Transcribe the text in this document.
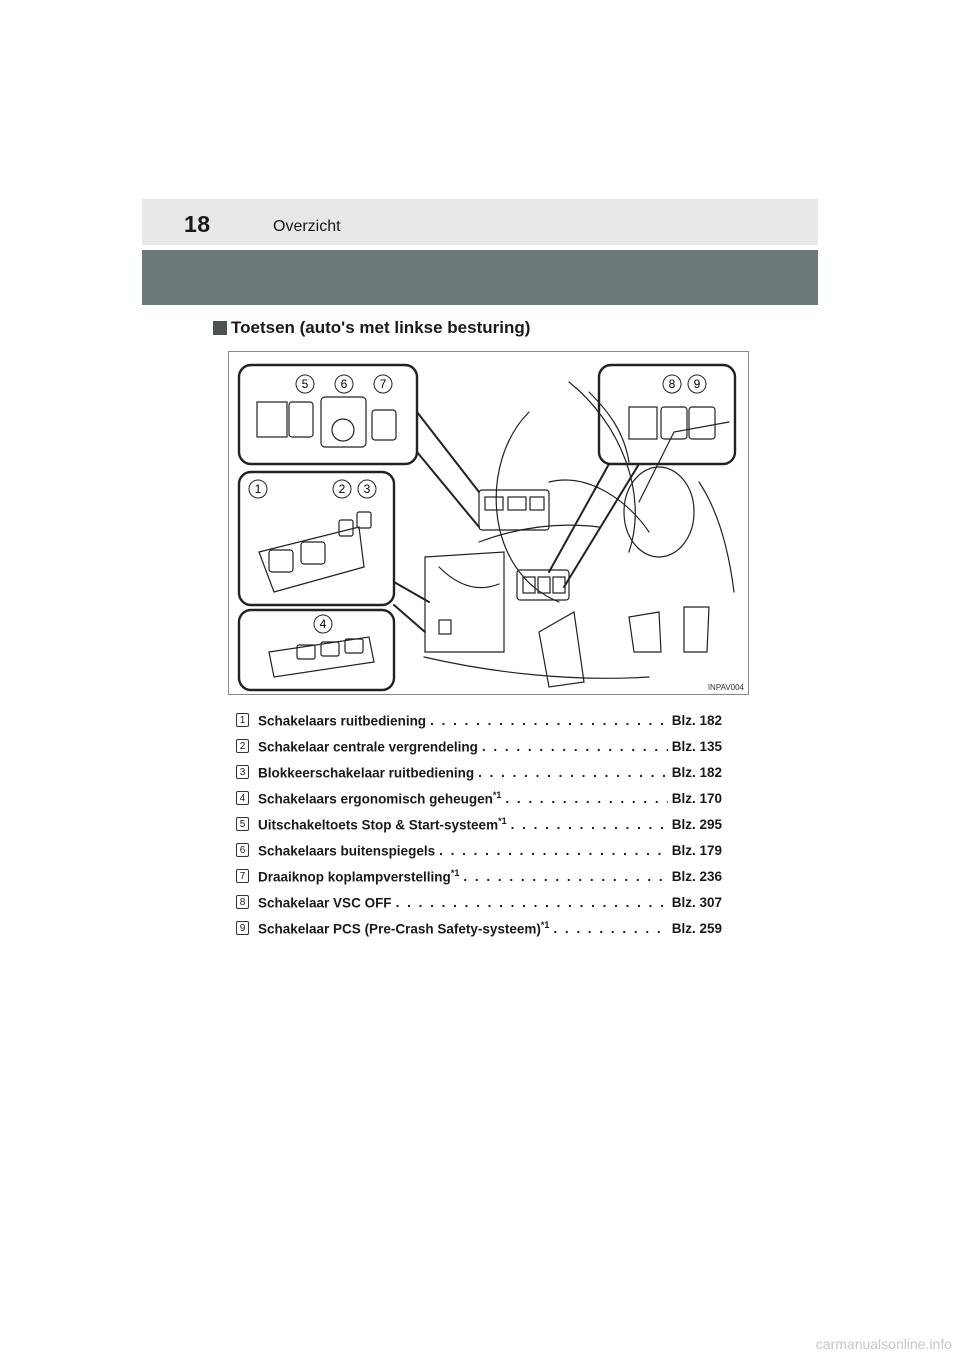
18	Overzicht
Toetsen (auto's met linkse besturing)
5	6	7	8 9
1	2 3
4
INPAV004
1 Schakelaars ruitbediening . . .	Blz. 182
2 Schakelaar centrale vergrendeling . . .	Blz. 135
3 Blokkeerschakelaar ruitbediening . . .	Blz. 182
4 Schakelaars ergonomisch geheugen$^{*1}$ . . .	Blz. 170
5 Uitschakeltoets Stop & Start-systeem$^{*1}$ . . .	Blz. 295
6 Schakelaars buitenspiegels . . .	Blz. 179
7 Draaiknop koplampverstelling$^{*1}$ . . .	Blz. 236
8 Schakelaar VSC OFF . . .	Blz. 307
9 Schakelaar PCS (Pre-Crash Safety-systeem)$^{*1}$ . . .	Blz. 259
carmanualsonline.info
